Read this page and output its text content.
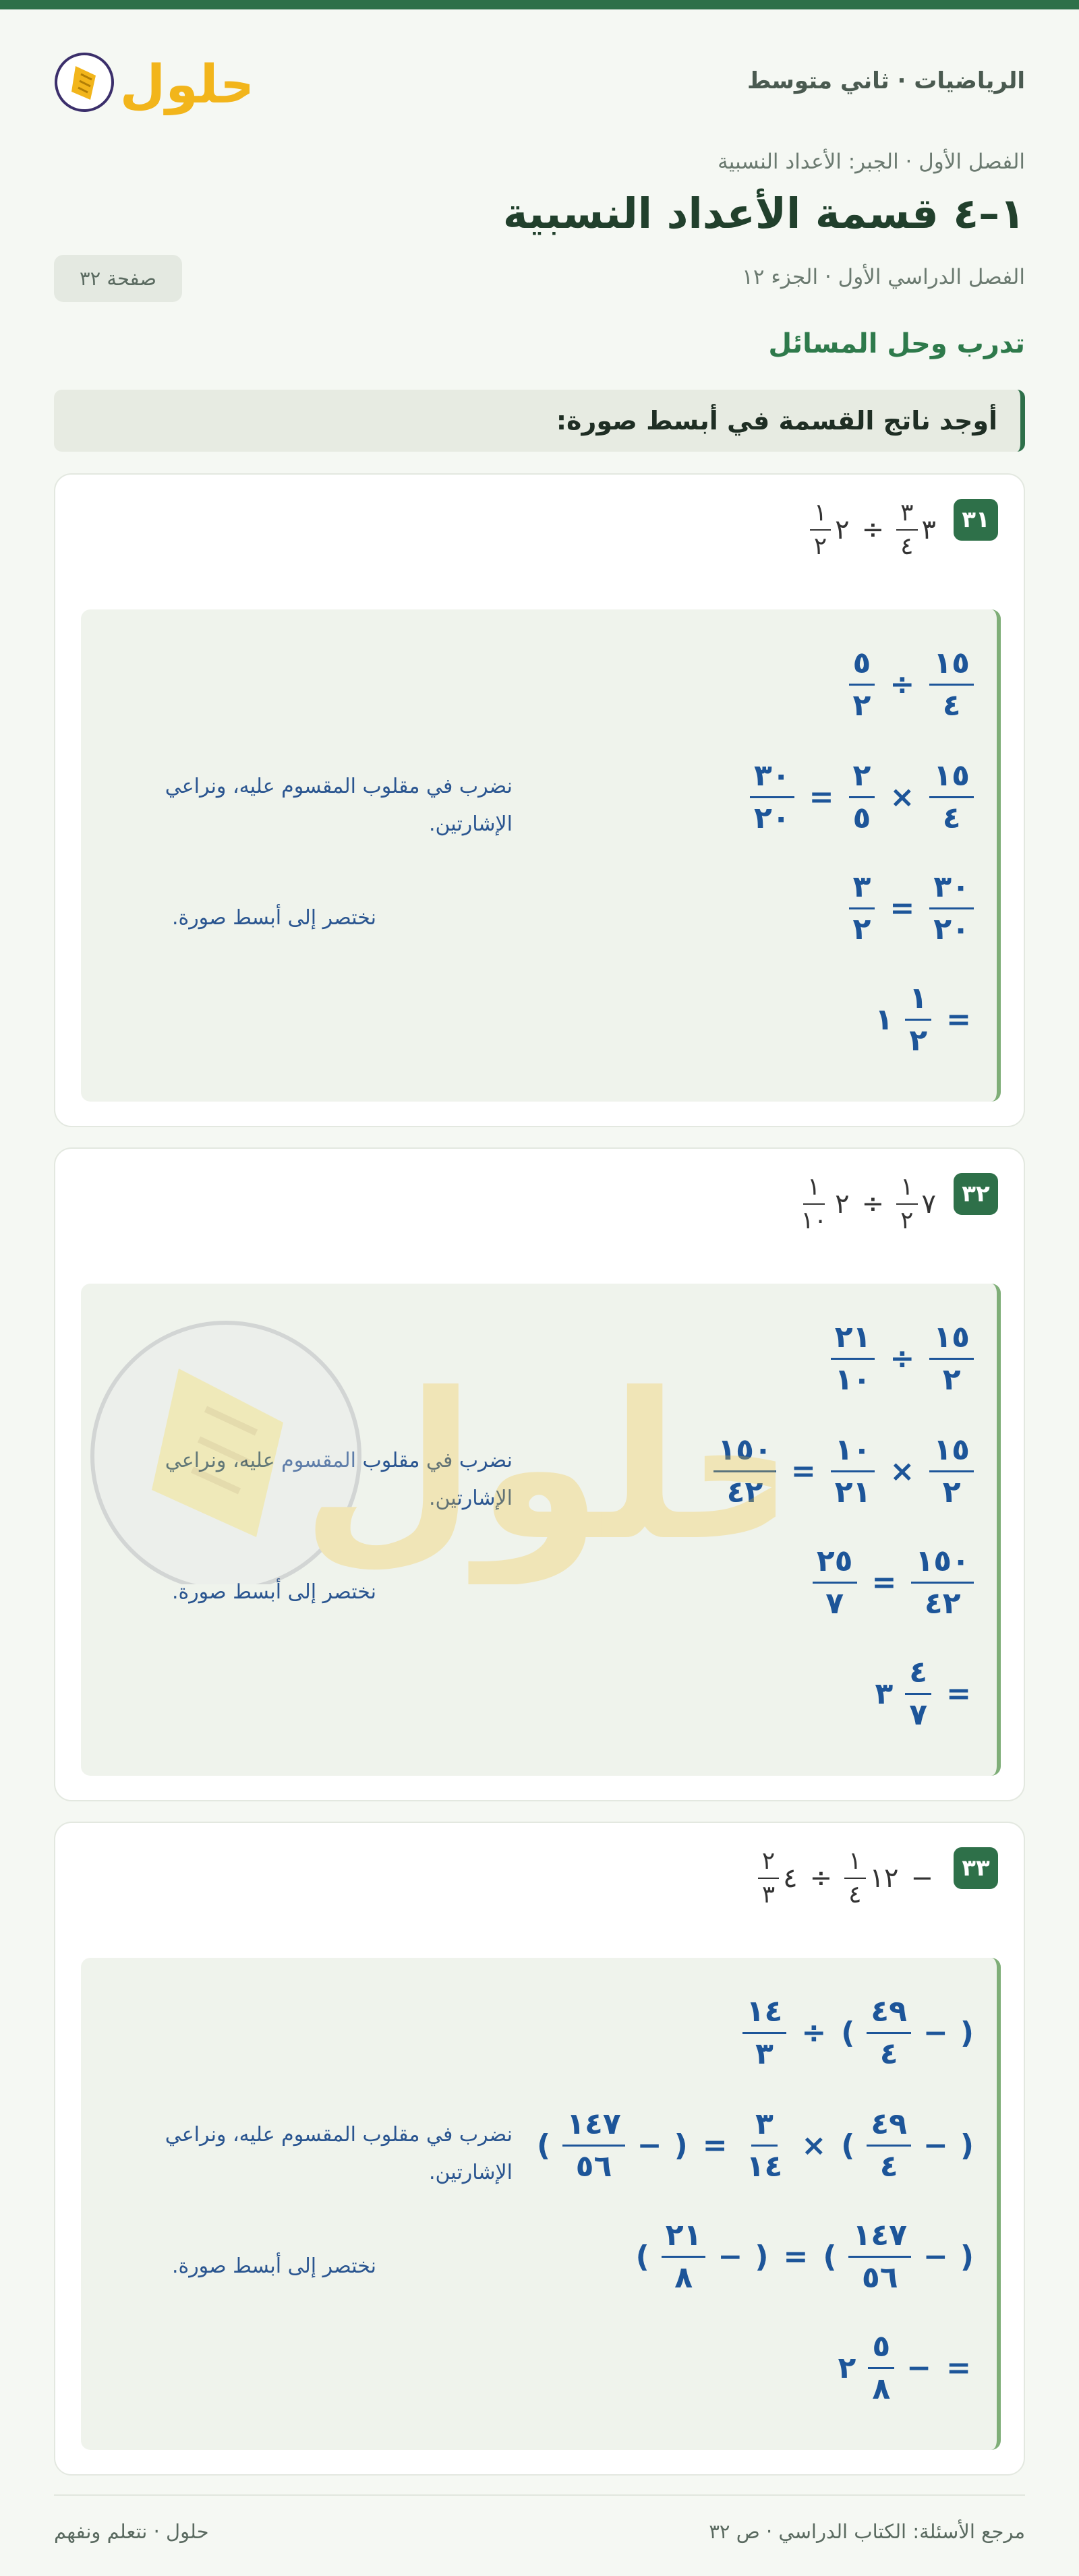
الرياضيات · ثاني متوسط
حلول
الفصل الأول · الجبر: الأعداد النسبية
١–٤ قسمة الأعداد النسبية
الفصل الدراسي الأول · الجزء ١٢
صفحة ٣٢
تدرب وحل المسائل
أوجد ناتج القسمة في أبسط صورة:
٣١
٣
$\frac{٣}{٤}$
÷
٢
$\frac{١}{٢}$
$\frac{١٥}{٤}$
÷
$\frac{٥}{٢}$
$\frac{١٥}{٤}$
×
$\frac{٢}{٥}$
=
$\frac{٣٠}{٢٠}$
$\frac{٣٠}{٢٠}$
=
$\frac{٣}{٢}$
=
$\frac{١}{٢}$
١
نضرب في مقلوب المقسوم عليه، ونراعي الإشارتين.
نختصر إلى أبسط صورة.
٣٢
٧
$\frac{١}{٢}$
÷
٢
$\frac{١}{١٠}$
$\frac{١٥}{٢}$
÷
$\frac{٢١}{١٠}$
$\frac{١٥}{٢}$
×
$\frac{١٠}{٢١}$
=
$\frac{١٥٠}{٤٢}$
$\frac{١٥٠}{٤٢}$
=
$\frac{٢٥}{٧}$
=
$\frac{٤}{٧}$
٣
نضرب في مقلوب المقسوم عليه، ونراعي الإشارتين.
نختصر إلى أبسط صورة.
٣٣
−
١٢
$\frac{١}{٤}$
÷
٤
$\frac{٢}{٣}$
(
−
$\frac{٤٩}{٤}$
)
÷
$\frac{١٤}{٣}$
(
−
$\frac{٤٩}{٤}$
)
×
$\frac{٣}{١٤}$
=
(
−
$\frac{١٤٧}{٥٦}$
)
(
−
$\frac{١٤٧}{٥٦}$
)
=
(
−
$\frac{٢١}{٨}$
)
=
−
$\frac{٥}{٨}$
٢
نضرب في مقلوب المقسوم عليه، ونراعي الإشارتين.
نختصر إلى أبسط صورة.
حلول
مرجع الأسئلة: الكتاب الدراسي · ص ٣٢
حلول · نتعلم ونفهم
